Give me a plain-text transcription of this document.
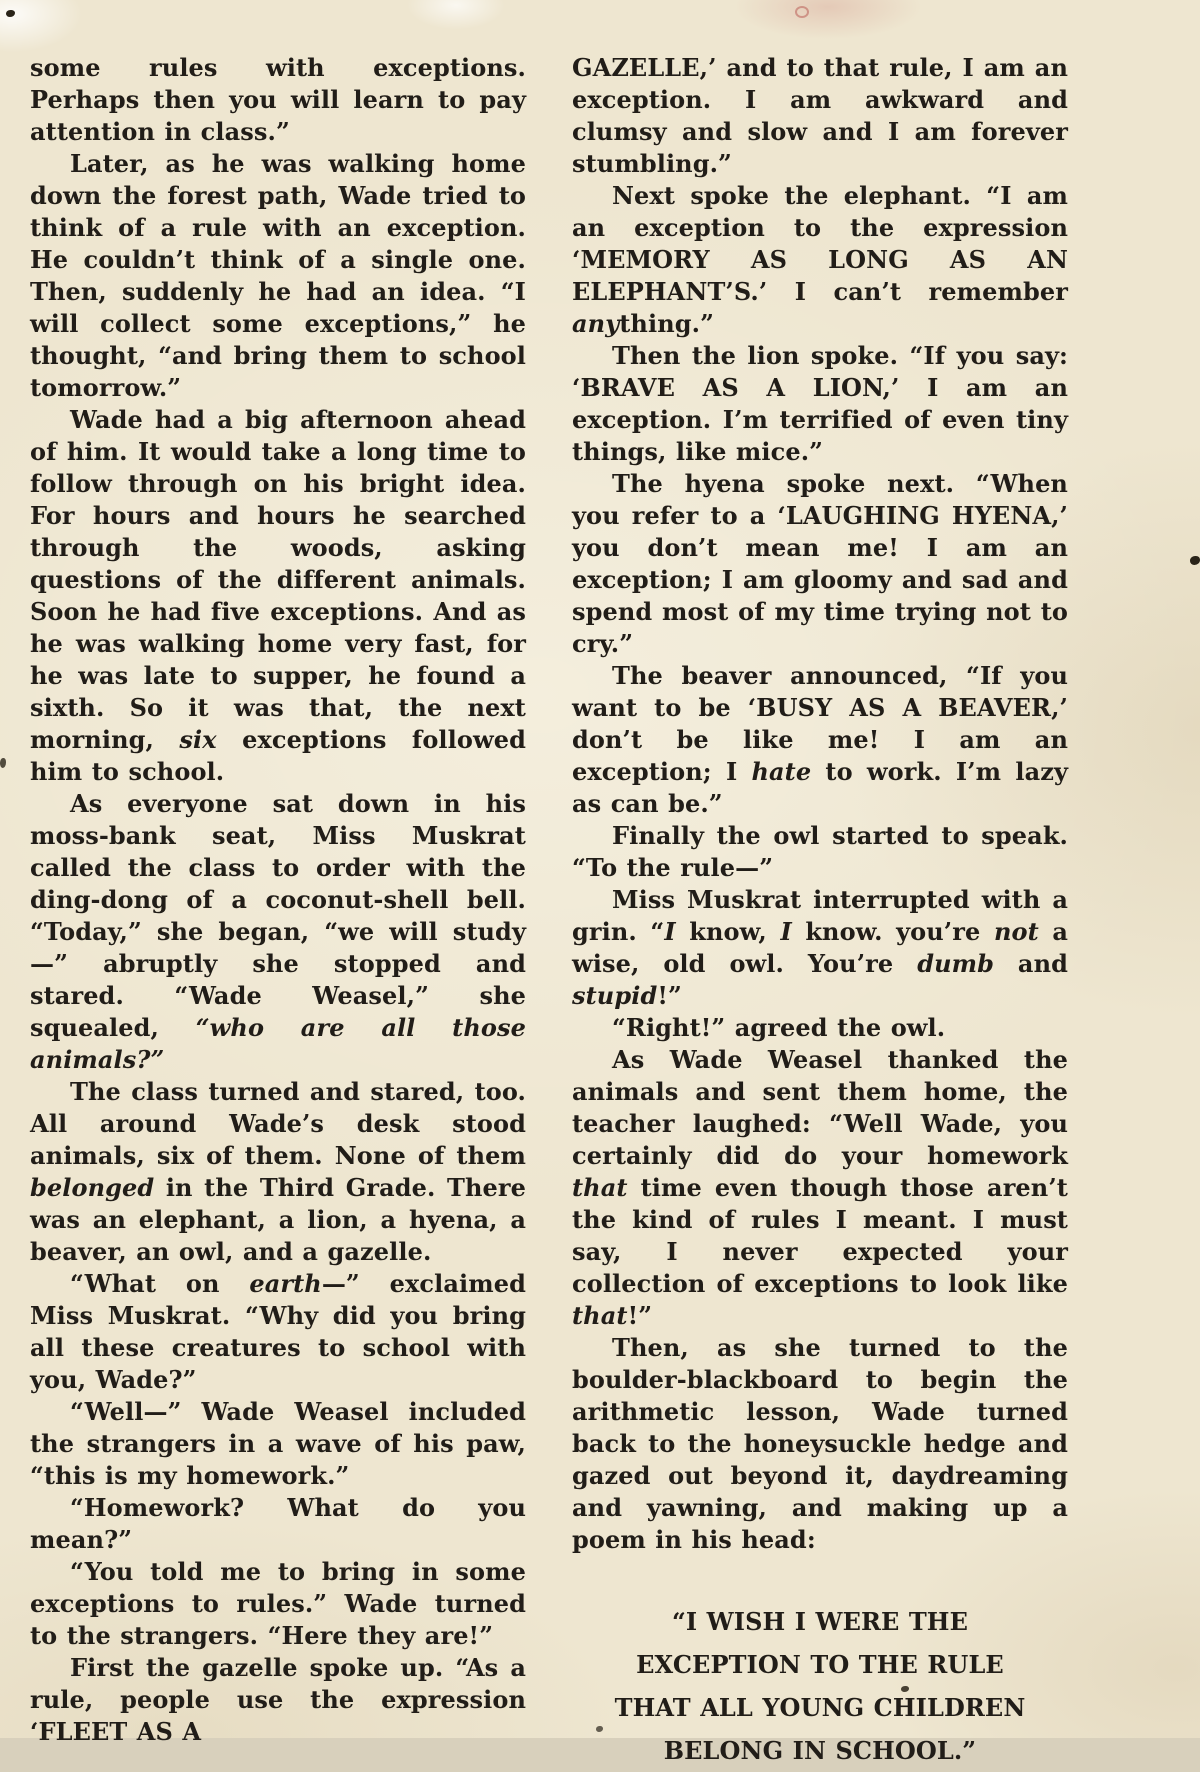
some rules with exceptions. Perhaps then you will learn to pay attention in class.”

Later, as he was walking home down the forest path, Wade tried to think of a rule with an exception. He couldn’t think of a single one. Then, suddenly he had an idea. “I will collect some exceptions,” he thought, “and bring them to school tomorrow.”

Wade had a big afternoon ahead of him. It would take a long time to follow through on his bright idea. For hours and hours he searched through the woods, asking questions of the different animals. Soon he had five exceptions. And as he was walking home very fast, for he was late to supper, he found a sixth. So it was that, the next morning, six exceptions followed him to school.

As everyone sat down in his moss-bank seat, Miss Muskrat called the class to order with the ding-dong of a coconut-shell bell. “Today,” she began, “we will study—” abruptly she stopped and stared. “Wade Weasel,” she squealed, “who are all those animals?”

The class turned and stared, too. All around Wade’s desk stood animals, six of them. None of them belonged in the Third Grade. There was an elephant, a lion, a hyena, a beaver, an owl, and a gazelle.

“What on earth—” exclaimed Miss Muskrat. “Why did you bring all these creatures to school with you, Wade?”

“Well—” Wade Weasel included the strangers in a wave of his paw, “this is my homework.”

“Homework? What do you mean?”

“You told me to bring in some exceptions to rules.” Wade turned to the strangers. “Here they are!”

First the gazelle spoke up. “As a rule, people use the expression ‘FLEET AS A

GAZELLE,’ and to that rule, I am an exception. I am awkward and clumsy and slow and I am forever stumbling.”

Next spoke the elephant. “I am an exception to the expression ‘MEMORY AS LONG AS AN ELEPHANT’S.’ I can’t remember anything.”

Then the lion spoke. “If you say: ‘BRAVE AS A LION,’ I am an exception. I’m terrified of even tiny things, like mice.”

The hyena spoke next. “When you refer to a ‘LAUGHING HYENA,’ you don’t mean me! I am an exception; I am gloomy and sad and spend most of my time trying not to cry.”

The beaver announced, “If you want to be ‘BUSY AS A BEAVER,’ don’t be like me! I am an exception; I hate to work. I’m lazy as can be.”

Finally the owl started to speak. “To the rule—”

Miss Muskrat interrupted with a grin. “I know, I know. you’re not a wise, old owl. You’re dumb and stupid!”

“Right!” agreed the owl.

As Wade Weasel thanked the animals and sent them home, the teacher laughed: “Well Wade, you certainly did do your homework that time even though those aren’t the kind of rules I meant. I must say, I never expected your collection of exceptions to look like that!”

Then, as she turned to the boulder-blackboard to begin the arithmetic lesson, Wade turned back to the honeysuckle hedge and gazed out beyond it, daydreaming and yawning, and making up a poem in his head:

“I WISH I WERE THE
EXCEPTION TO THE RULE
THAT ALL YOUNG CHILDREN
BELONG IN SCHOOL.”
